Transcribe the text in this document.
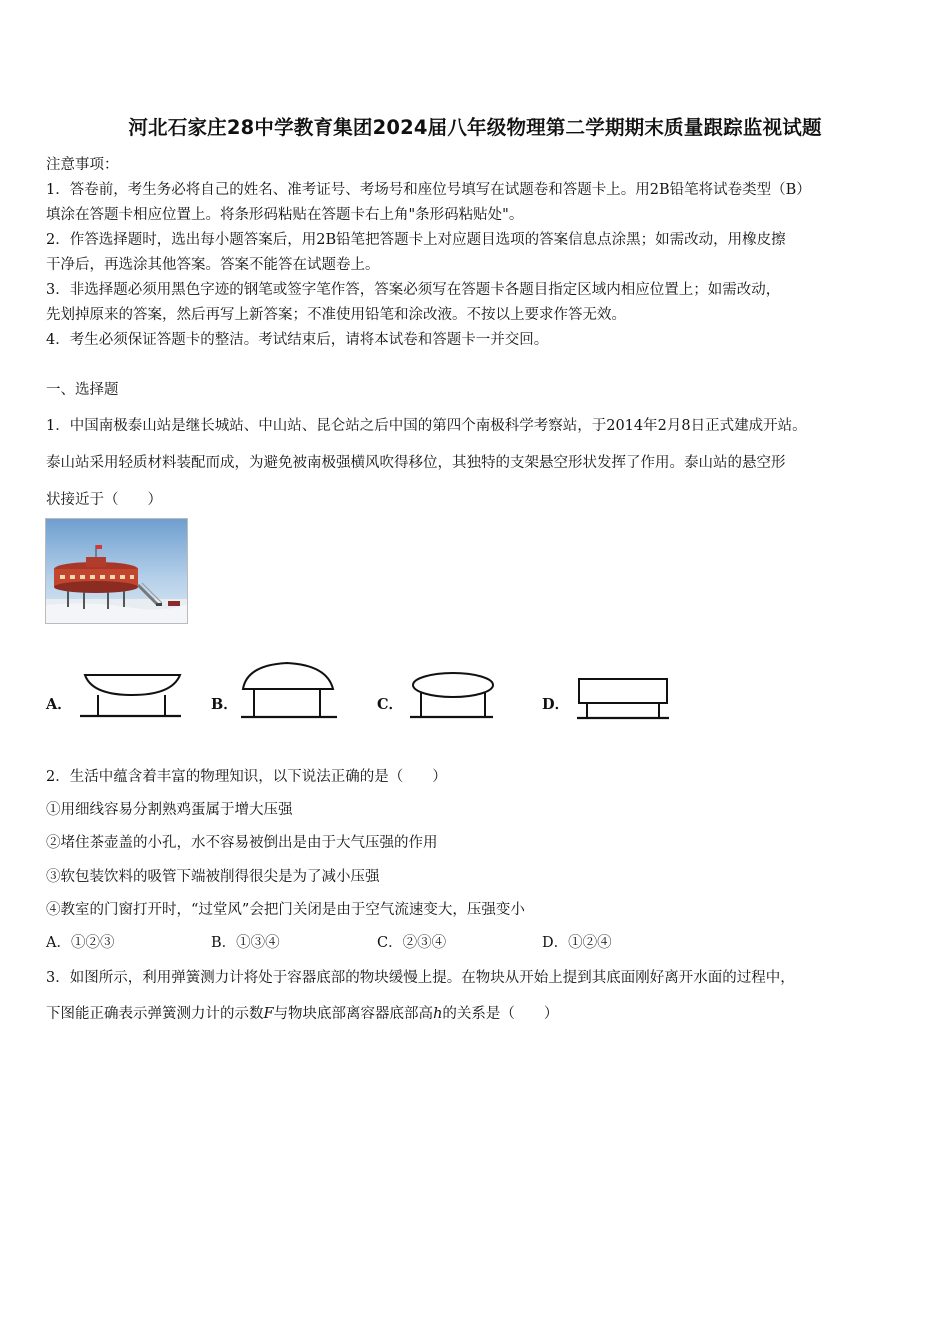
河北石家庄28中学教育集团2024届八年级物理第二学期期末质量跟踪监视试题
注意事项：
1．答卷前，考生务必将自己的姓名、准考证号、考场号和座位号填写在试题卷和答题卡上。用2B铅笔将试卷类型（B）
填涂在答题卡相应位置上。将条形码粘贴在答题卡右上角"条形码粘贴处"。
2．作答选择题时，选出每小题答案后，用2B铅笔把答题卡上对应题目选项的答案信息点涂黑；如需改动，用橡皮擦
干净后，再选涂其他答案。答案不能答在试题卷上。
3．非选择题必须用黑色字迹的钢笔或签字笔作答，答案必须写在答题卡各题目指定区域内相应位置上；如需改动，
先划掉原来的答案，然后再写上新答案；不准使用铅笔和涂改液。不按以上要求作答无效。
4．考生必须保证答题卡的整洁。考试结束后，请将本试卷和答题卡一并交回。
一、选择题
1．中国南极泰山站是继长城站、中山站、昆仑站之后中国的第四个南极科学考察站，于2014年2月8日正式建成开站。
泰山站采用轻质材料装配而成，为避免被南极强横风吹得移位，其独特的支架悬空形状发挥了作用。泰山站的悬空形
状接近于（　　）
A．	B．	C．	D．
2．生活中蕴含着丰富的物理知识，以下说法正确的是（　　）
①用细线容易分割熟鸡蛋属于增大压强
②堵住茶壶盖的小孔，水不容易被倒出是由于大气压强的作用
③软包装饮料的吸管下端被削得很尖是为了减小压强
④教室的门窗打开时，“过堂风”会把门关闭是由于空气流速变大，压强变小
A．①②③	B．①③④	C．②③④	D．①②④
3．如图所示，利用弹簧测力计将处于容器底部的物块缓慢上提。在物块从开始上提到其底面刚好离开水面的过程中，
下图能正确表示弹簧测力计的示数F与物块底部离容器底部高h的关系是（　　）
